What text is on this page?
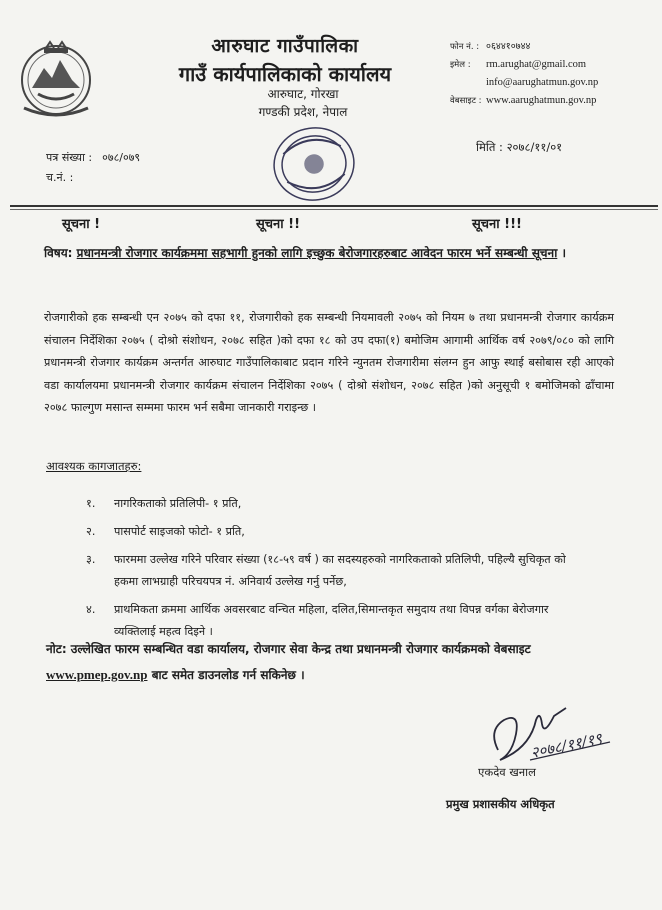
आरुघाट गाउँपालिका
गाउँ कार्यपालिकाको कार्यालय
आरुघाट, गोरखा
गण्डकी प्रदेश, नेपाल
फोन नं. : ०६४४१०७४४
इमेल : rm.arughat@gmail.com
info@aarughatmun.gov.np
वेबसाइट : www.aarughatmun.gov.np
पत्र संख्या : ०७८/०७९
च.नं. :
मिति : २०७८/११/०१
सूचना !	सूचना !!	सूचना !!!
विषय: प्रधानमन्त्री रोजगार कार्यक्रममा सहभागी हुनको लागि इच्छुक बेरोजगारहरुबाट आवेदन फारम भर्ने सम्बन्धी सूचना ।
रोजगारीको हक सम्बन्धी एन २०७५ को दफा ११, रोजगारीको हक सम्बन्धी नियमावली २०७५ को नियम ७ तथा प्रधानमन्त्री रोजगार कार्यक्रम संचालन निर्देशिका २०७५ ( दोश्रो संशोधन, २०७८ सहित )को दफा १८ को उप दफा(१) बमोजिम आगामी आर्थिक वर्ष २०७९/०८० को लागि प्रधानमन्त्री रोजगार कार्यक्रम अन्तर्गत आरुघाट गाउँपालिकाबाट प्रदान गरिने न्युनतम रोजगारीमा संलग्न हुन आफु स्थाई बसोबास रही आएको वडा कार्यालयमा प्रधानमन्त्री रोजगार कार्यक्रम संचालन निर्देशिका २०७५ ( दोश्रो संशोधन, २०७८ सहित )को अनुसूची १ बमोजिमको ढाँचामा २०७८ फाल्गुण मसान्त सम्ममा फारम भर्न सबैमा जानकारी गराइन्छ ।
आवश्यक कागजातहरु:
१. नागरिकताको प्रतिलिपी- १ प्रति,
२. पासपोर्ट साइजको फोटो- १ प्रति,
३. फारममा उल्लेख गरिने परिवार संख्या (१८-५९ वर्ष ) का सदस्यहरुको नागरिकताको प्रतिलिपी, पहिल्यै सुचिकृत को हकमा लाभग्राही परिचयपत्र नं. अनिवार्य उल्लेख गर्नु पर्नेछ,
४. प्राथमिकता क्रममा आर्थिक अवसरबाट वन्चित महिला, दलित,सिमान्तकृत समुदाय तथा विपन्न वर्गका बेरोजगार व्यक्तिलाई महत्व दिइने ।
नोट: उल्लेखित फारम सम्बन्धित वडा कार्यालय, रोजगार सेवा केन्द्र तथा प्रधानमन्त्री रोजगार कार्यक्रमको वेबसाइट www.pmep.gov.np बाट समेत डाउनलोड गर्न सकिनेछ ।
२०७८/११/१९
एकदेव खनाल
प्रमुख प्रशासकीय अधिकृत
